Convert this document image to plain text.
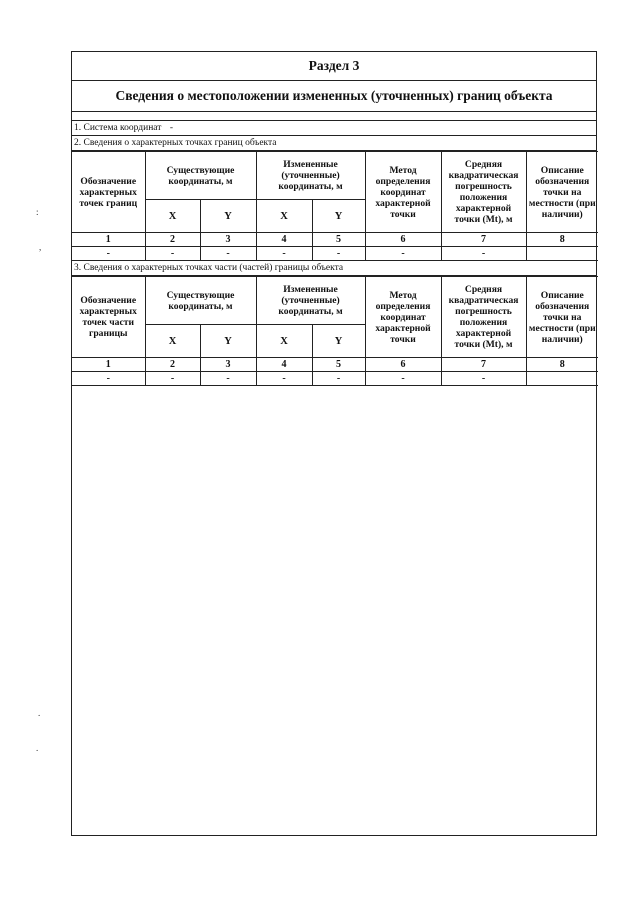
Раздел 3
Сведения о местоположении измененных (уточненных) границ объекта
1. Система координат -
2. Сведения о характерных точках границ объекта
Обозначение характерных точек границ	Существующие координаты, м		Измененные (уточненные) координаты, м		Метод определения координат характерной точки	Средняя квадратическая погрешность положения характерной точки (Mt), м	Описание обозначения точки на местности (при наличии)
	X	Y	X	Y			
1	2	3	4	5	6	7	8
-	-	-	-	-	-	-	
3. Сведения о характерных точках части (частей) границы объекта
Обозначение характерных точек части границы	Существующие координаты, м		Измененные (уточненные) координаты, м		Метод определения координат характерной точки	Средняя квадратическая погрешность положения характерной точки (Mt), м	Описание обозначения точки на местности (при наличии)
	X	Y	X	Y			
1	2	3	4	5	6	7	8
-	-	-	-	-	-	-	
:
,
.
.
